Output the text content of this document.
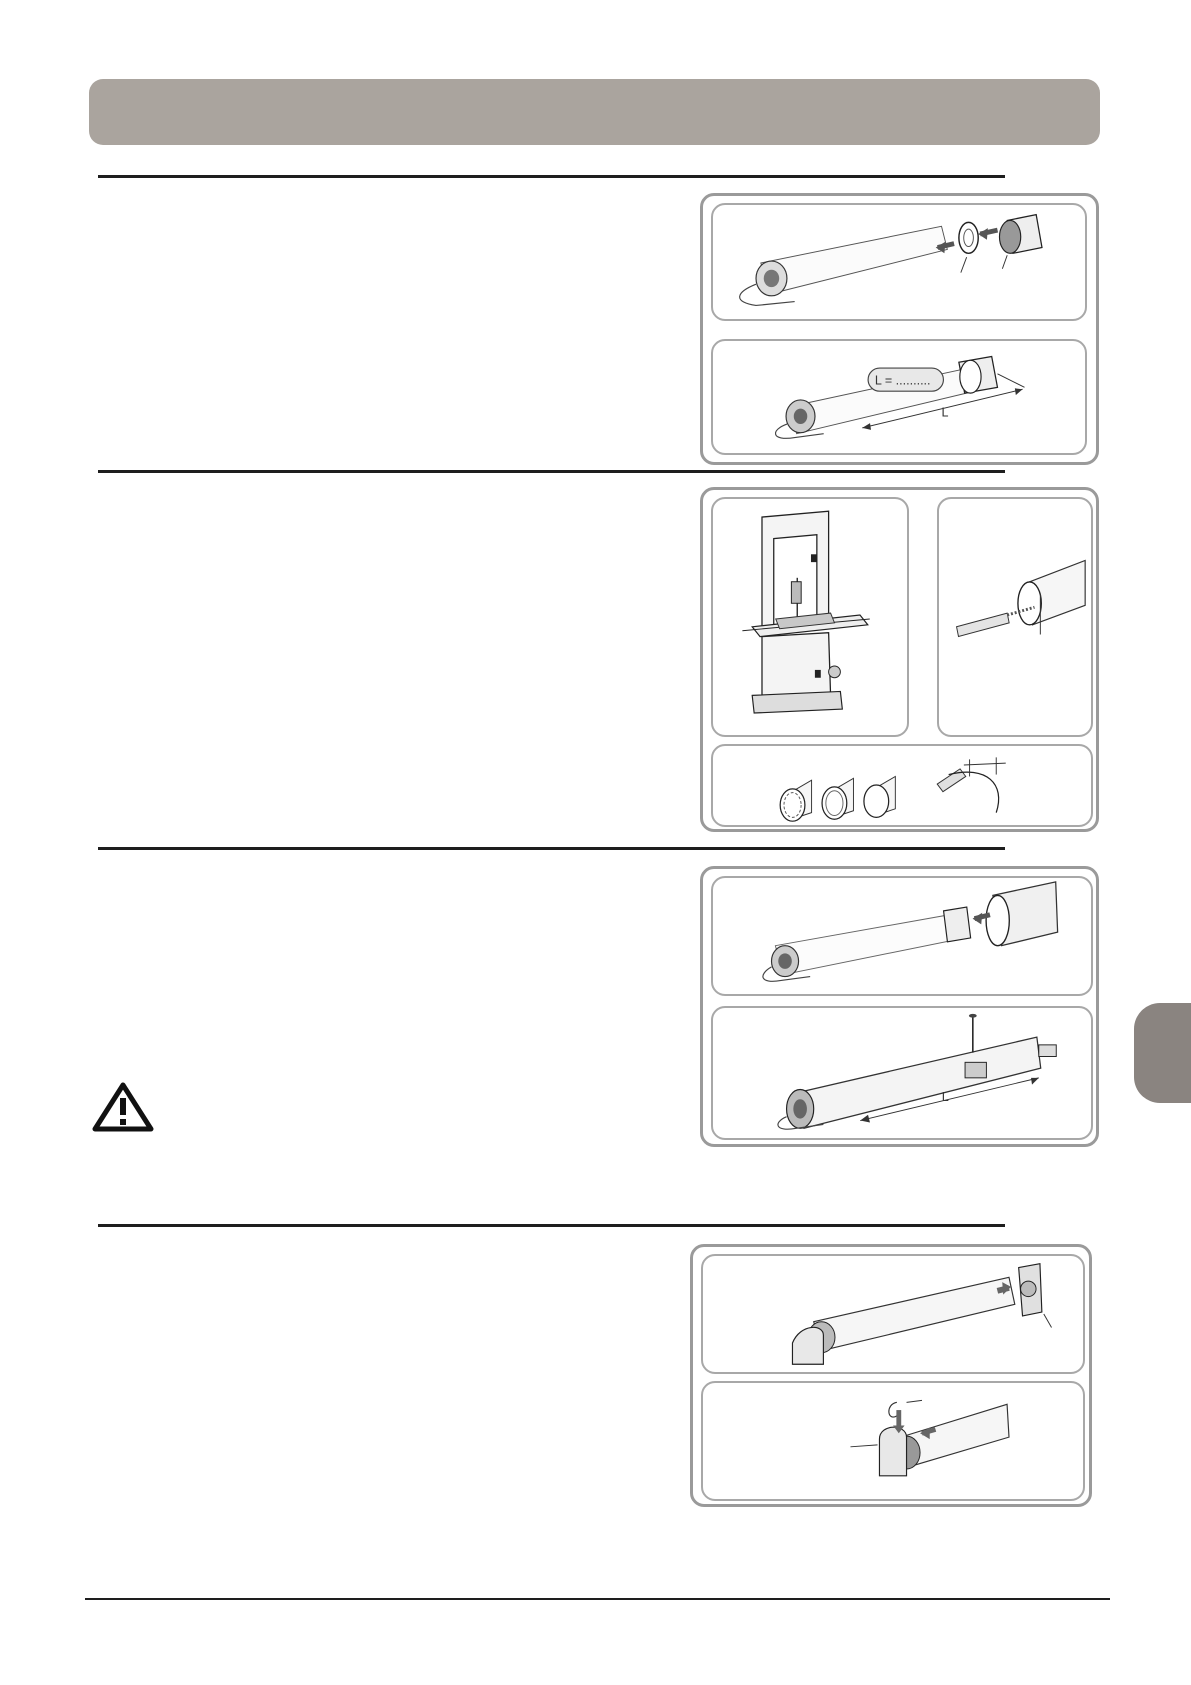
L = ..........
L
L
